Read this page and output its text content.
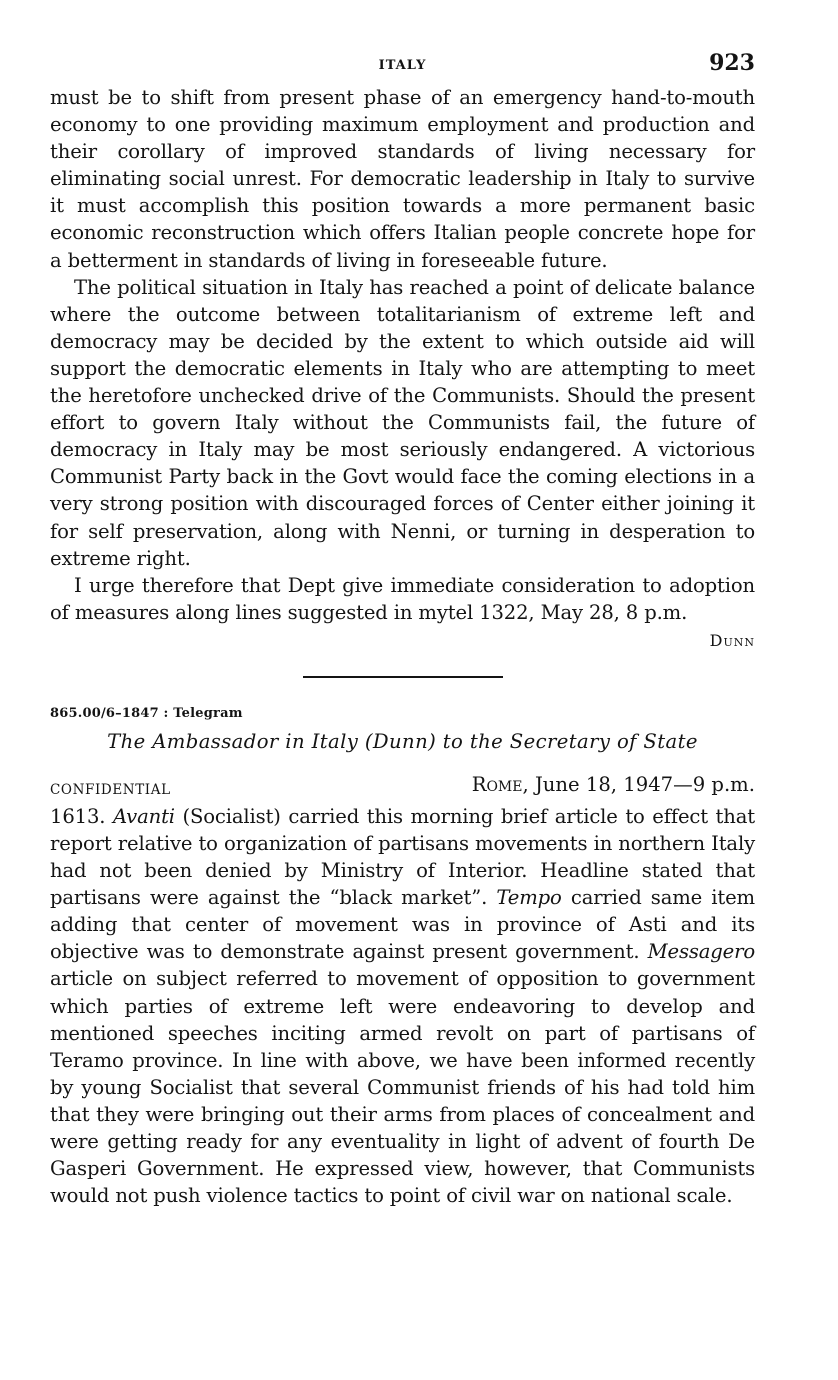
ITALY	923

must be to shift from present phase of an emergency hand-to-mouth economy to one providing maximum employment and production and their corollary of improved standards of living necessary for eliminating social unrest. For democratic leadership in Italy to survive it must accomplish this position towards a more permanent basic economic reconstruction which offers Italian people concrete hope for a betterment in standards of living in foreseeable future.

The political situation in Italy has reached a point of delicate balance where the outcome between totalitarianism of extreme left and democracy may be decided by the extent to which outside aid will support the democratic elements in Italy who are attempting to meet the heretofore unchecked drive of the Communists. Should the present effort to govern Italy without the Communists fail, the future of democracy in Italy may be most seriously endangered. A victorious Communist Party back in the Govt would face the coming elections in a very strong position with discouraged forces of Center either joining it for self preservation, along with Nenni, or turning in desperation to extreme right.

I urge therefore that Dept give immediate consideration to adoption of measures along lines suggested in mytel 1322, May 28, 8 p.m.

Dunn
865.00/6–1847 : Telegram
The Ambassador in Italy (Dunn) to the Secretary of State
CONFIDENTIAL	Rome, June 18, 1947—9 p.m.

1613. Avanti (Socialist) carried this morning brief article to effect that report relative to organization of partisans movements in northern Italy had not been denied by Ministry of Interior. Headline stated that partisans were against the “black market”. Tempo carried same item adding that center of movement was in province of Asti and its objective was to demonstrate against present government. Messagero article on subject referred to movement of opposition to government which parties of extreme left were endeavoring to develop and mentioned speeches inciting armed revolt on part of partisans of Teramo province. In line with above, we have been informed recently by young Socialist that several Communist friends of his had told him that they were bringing out their arms from places of concealment and were getting ready for any eventuality in light of advent of fourth De Gasperi Government. He expressed view, however, that Communists would not push violence tactics to point of civil war on national scale.
